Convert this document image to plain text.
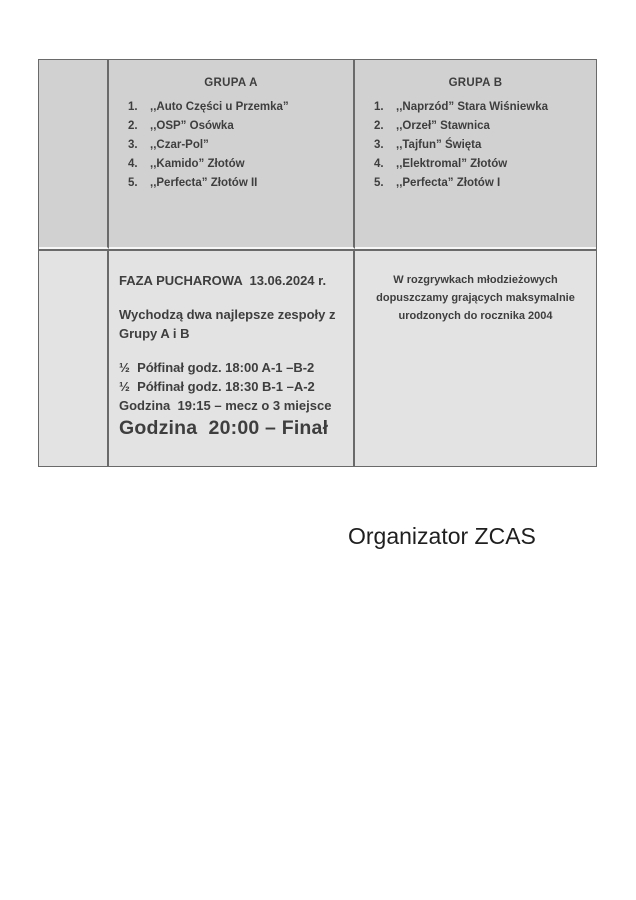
GRUPA A
1.	,,Auto Części u Przemka”
2.	,,OSP” Osówka
3.	,,Czar-Pol”
4.	,,Kamido” Złotów
5.	,,Perfecta” Złotów II
GRUPA B
1.	,,Naprzód” Stara Wiśniewka
2.	,,Orzeł” Stawnica
3.	,,Tajfun” Święta
4.	,,Elektromal” Złotów
5.	,,Perfecta” Złotów I
FAZA PUCHAROWA  13.06.2024 r.
Wychodzą dwa najlepsze zespoły z
Grupy A i B
½  Półfinał godz. 18:00 A-1 –B-2
½  Półfinał godz. 18:30 B-1 –A-2
Godzina  19:15 – mecz o 3 miejsce
Godzina  20:00 – Finał
W rozgrywkach młodzieżowych dopuszczamy grających maksymalnie urodzonych do rocznika 2004
Organizator ZCAS
